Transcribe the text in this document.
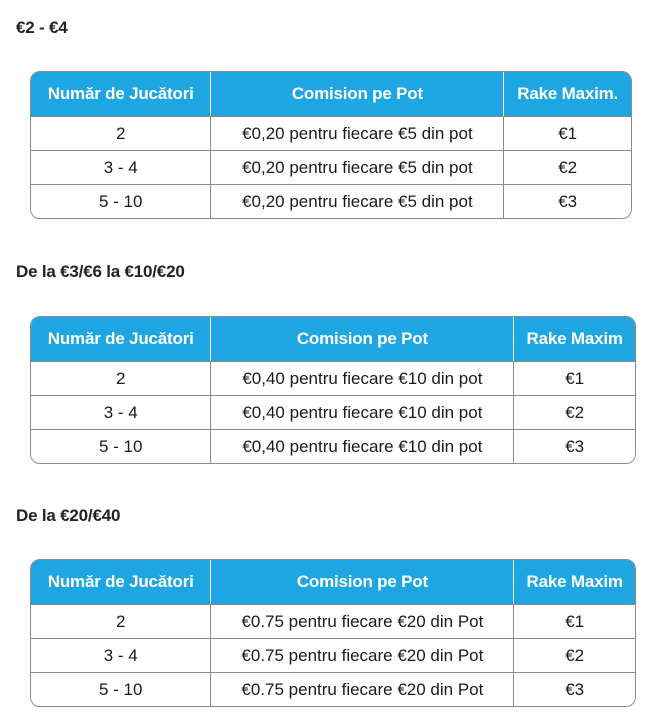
€2 - €4
Număr de Jucători	Comision pe Pot	Rake Maxim.
2	€0,20 pentru fiecare €5 din pot	€1
3 - 4	€0,20 pentru fiecare €5 din pot	€2
5 - 10	€0,20 pentru fiecare €5 din pot	€3
De la €3/€6 la €10/€20
Număr de Jucători	Comision pe Pot	Rake Maxim
2	€0,40 pentru fiecare €10 din pot	€1
3 - 4	€0,40 pentru fiecare €10 din pot	€2
5 - 10	€0,40 pentru fiecare €10 din pot	€3
De la €20/€40
Număr de Jucători	Comision pe Pot	Rake Maxim
2	€0.75 pentru fiecare €20 din Pot	€1
3 - 4	€0.75 pentru fiecare €20 din Pot	€2
5 - 10	€0.75 pentru fiecare €20 din Pot	€3
